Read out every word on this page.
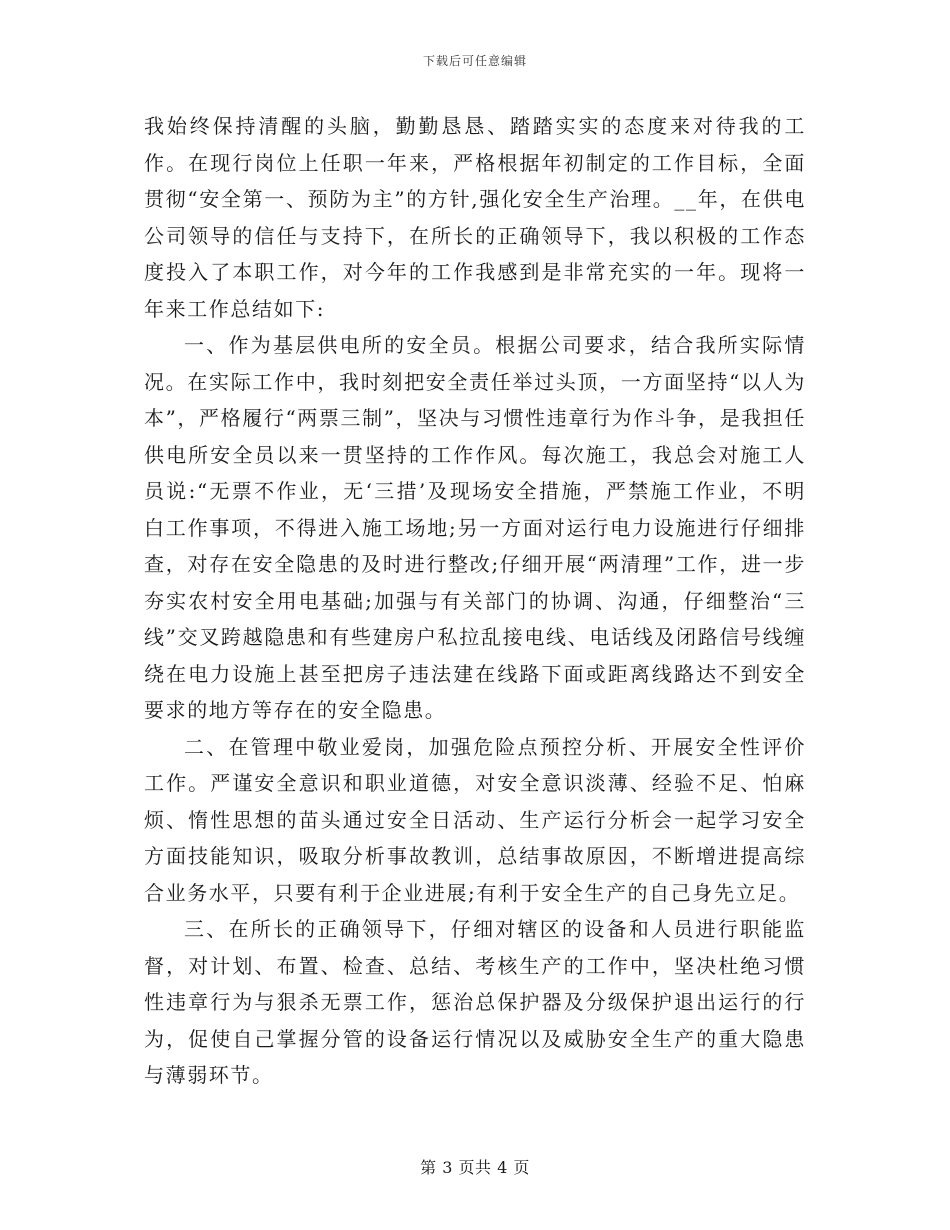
下载后可任意编辑

我始终保持清醒的头脑，勤勤恳恳、踏踏实实的态度来对待我的工作。在现行岗位上任职一年来，严格根据年初制定的工作目标，全面贯彻“安全第一、预防为主”的方针,强化安全生产治理。__年，在供电公司领导的信任与支持下，在所长的正确领导下，我以积极的工作态度投入了本职工作，对今年的工作我感到是非常充实的一年。现将一年来工作总结如下:

一、作为基层供电所的安全员。根据公司要求，结合我所实际情况。在实际工作中，我时刻把安全责任举过头顶，一方面坚持“以人为本”，严格履行“两票三制”，坚决与习惯性违章行为作斗争，是我担任供电所安全员以来一贯坚持的工作作风。每次施工，我总会对施工人员说:“无票不作业，无‘三措’及现场安全措施，严禁施工作业，不明白工作事项，不得进入施工场地;另一方面对运行电力设施进行仔细排查，对存在安全隐患的及时进行整改;仔细开展“两清理”工作，进一步夯实农村安全用电基础;加强与有关部门的协调、沟通，仔细整治“三线”交叉跨越隐患和有些建房户私拉乱接电线、电话线及闭路信号线缠绕在电力设施上甚至把房子违法建在线路下面或距离线路达不到安全要求的地方等存在的安全隐患。

二、在管理中敬业爱岗，加强危险点预控分析、开展安全性评价工作。严谨安全意识和职业道德，对安全意识淡薄、经验不足、怕麻烦、惰性思想的苗头通过安全日活动、生产运行分析会一起学习安全方面技能知识，吸取分析事故教训，总结事故原因，不断增进提高综合业务水平，只要有利于企业进展;有利于安全生产的自己身先立足。

三、在所长的正确领导下，仔细对辖区的设备和人员进行职能监督，对计划、布置、检查、总结、考核生产的工作中，坚决杜绝习惯性违章行为与狠杀无票工作，惩治总保护器及分级保护退出运行的行为，促使自己掌握分管的设备运行情况以及威胁安全生产的重大隐患与薄弱环节。

第 3 页共 4 页
